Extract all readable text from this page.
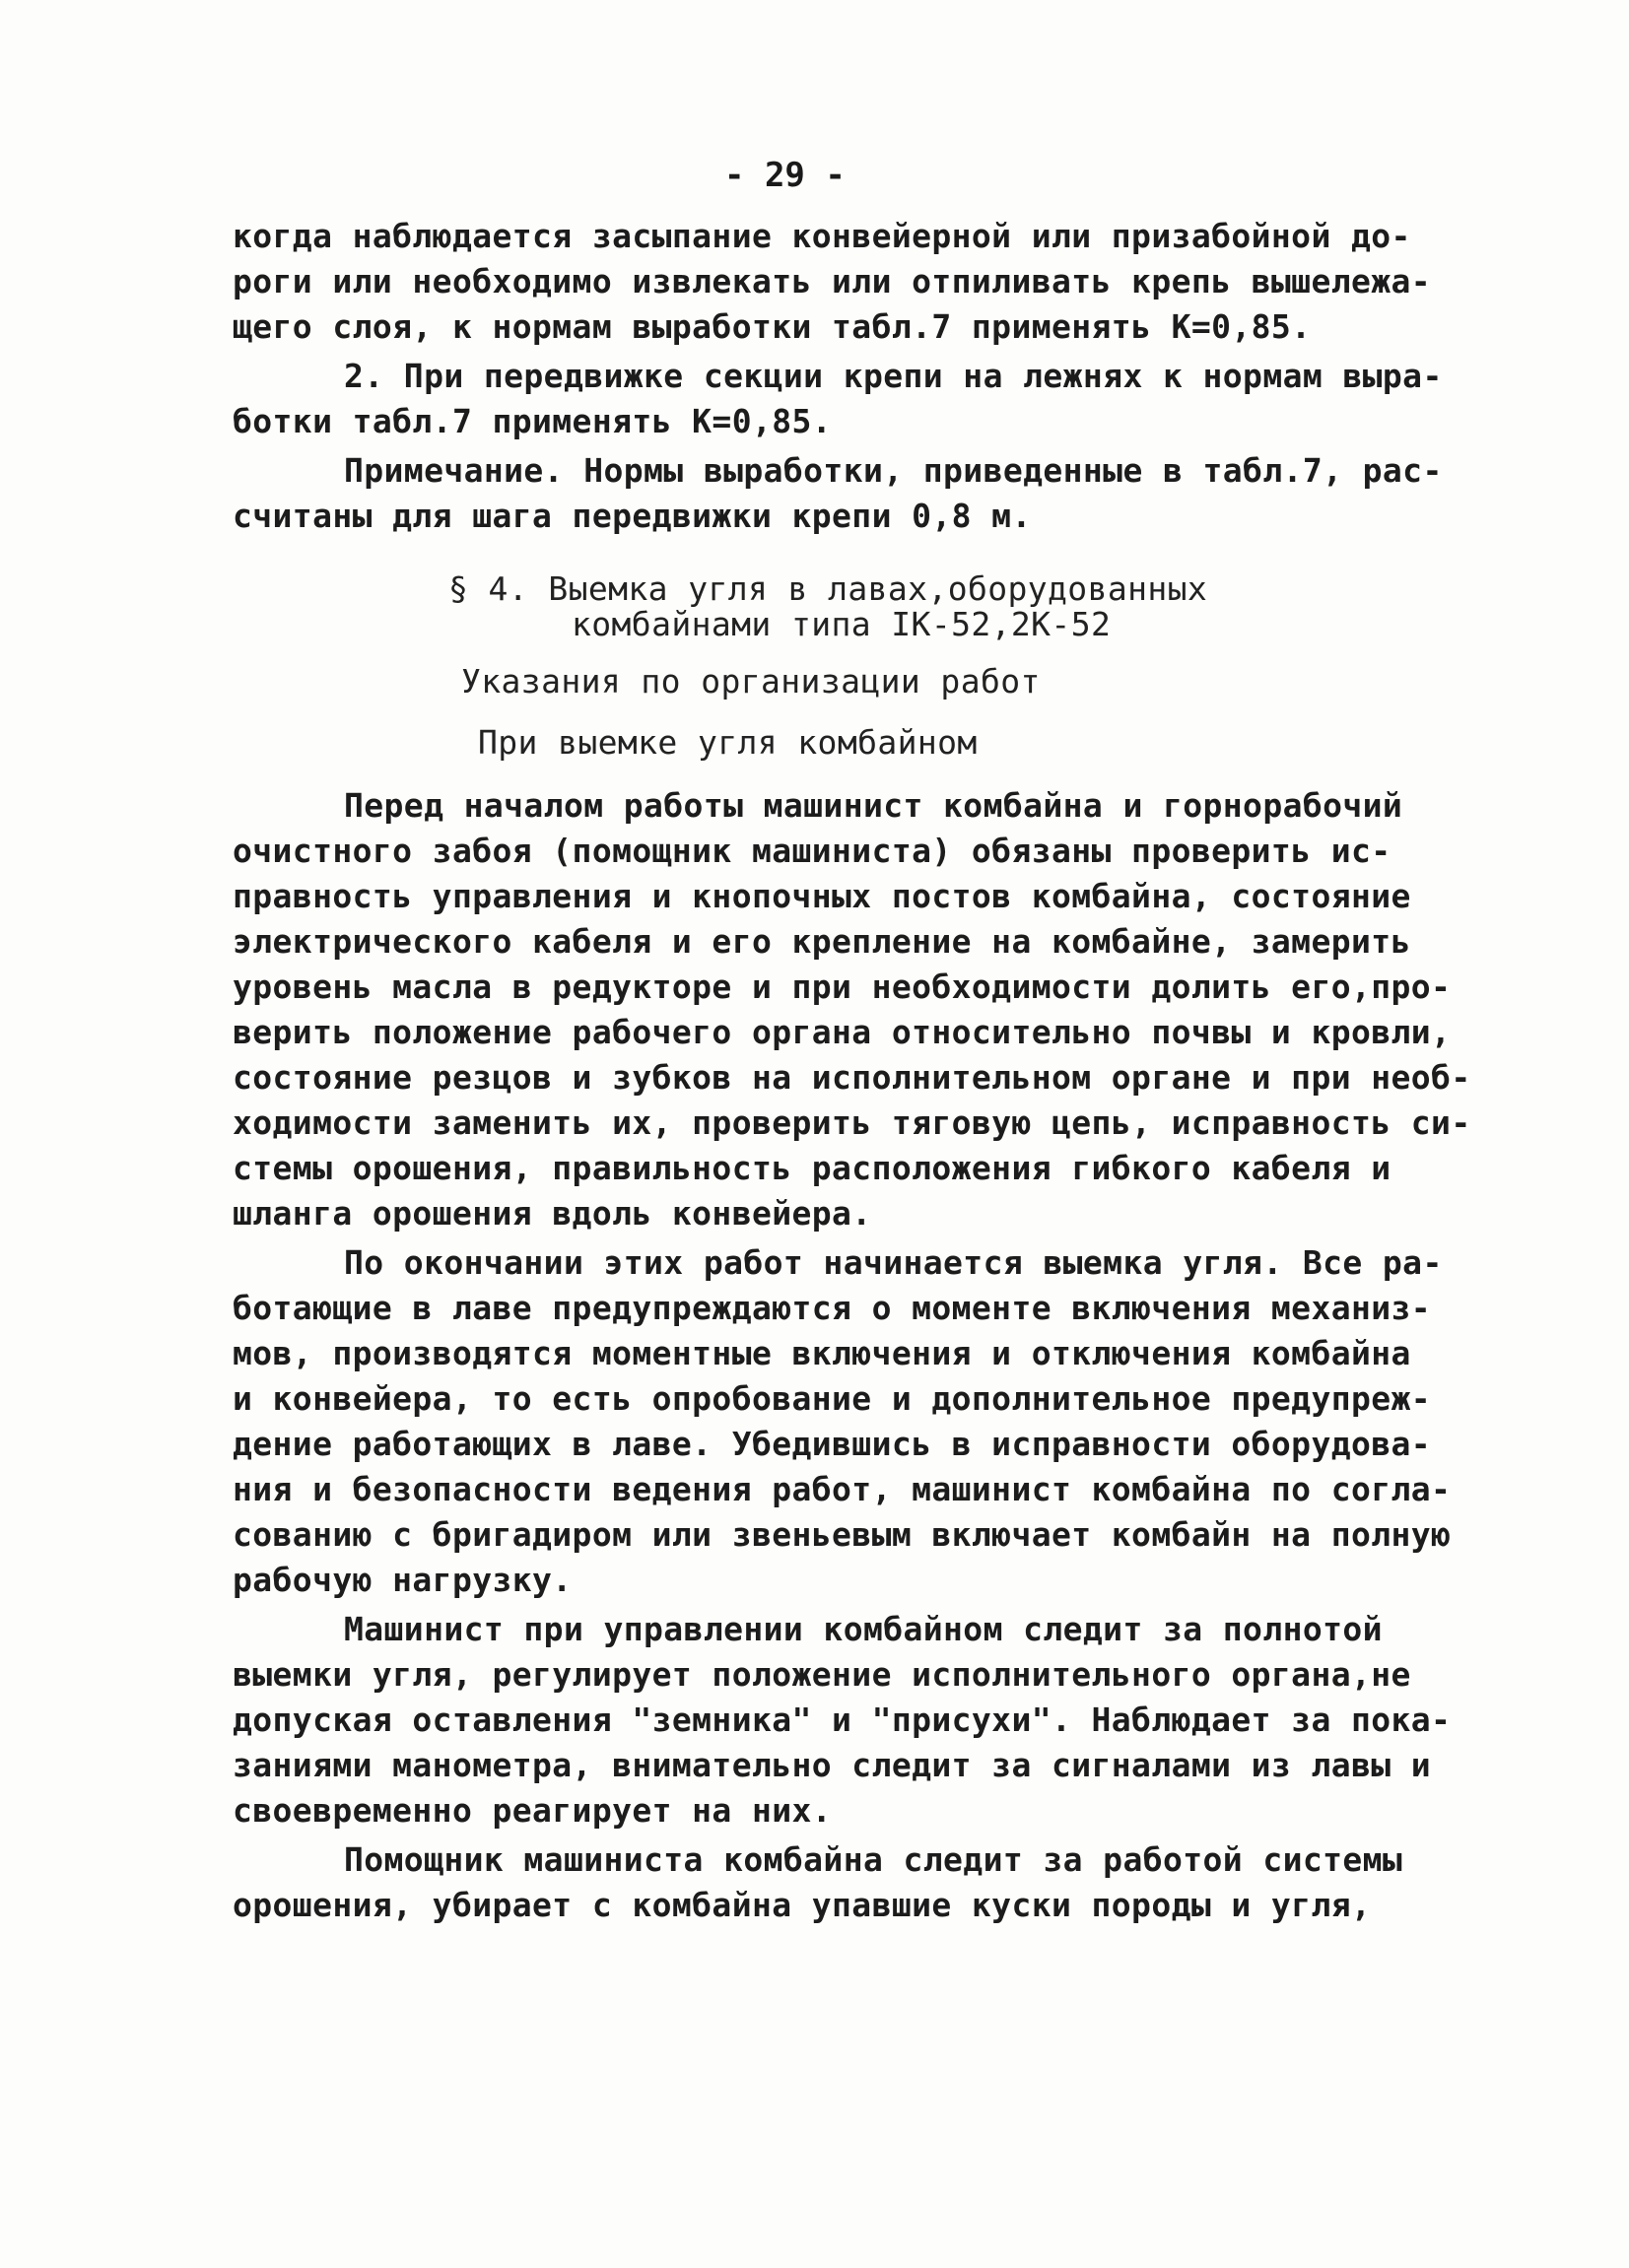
- 29 -
когда наблюдается засыпание конвейерной или призабойной до-
роги или необходимо извлекать или отпиливать крепь вышележа-
щего слоя, к нормам выработки табл.7 применять К=0,85.
2. При передвижке секции крепи на лежнях к нормам выра-
ботки табл.7 применять К=0,85.
Примечание. Нормы выработки, приведенные в табл.7, рас-
считаны для шага передвижки крепи 0,8 м.
§ 4. Выемка угля в лавах,оборудованных
комбайнами типа IК-52,2К-52
Указания по организации работ
При выемке угля комбайном
Перед началом работы машинист комбайна и горнорабочий
очистного забоя (помощник машиниста) обязаны проверить ис-
правность управления и кнопочных постов комбайна, состояние
электрического кабеля и его крепление на комбайне, замерить
уровень масла в редукторе и при необходимости долить его,про-
верить положение рабочего органа относительно почвы и кровли,
состояние резцов и зубков на исполнительном органе и при необ-
ходимости заменить их, проверить тяговую цепь, исправность си-
стемы орошения, правильность расположения гибкого кабеля и
шланга орошения вдоль конвейера.
По окончании этих работ начинается выемка угля. Все ра-
ботающие в лаве предупреждаются о моменте включения механиз-
мов, производятся моментные включения и отключения комбайна
и конвейера, то есть опробование и дополнительное предупреж-
дение работающих в лаве. Убедившись в исправности оборудова-
ния и безопасности ведения работ, машинист комбайна по согла-
сованию с бригадиром или звеньевым включает комбайн на полную
рабочую нагрузку.
Машинист при управлении комбайном следит за полнотой
выемки угля, регулирует положение исполнительного органа,не
допуская оставления "земника" и "присухи". Наблюдает за пока-
заниями манометра, внимательно следит за сигналами из лавы и
своевременно реагирует на них.
Помощник машиниста комбайна следит за работой системы
орошения, убирает с комбайна упавшие куски породы и угля,
